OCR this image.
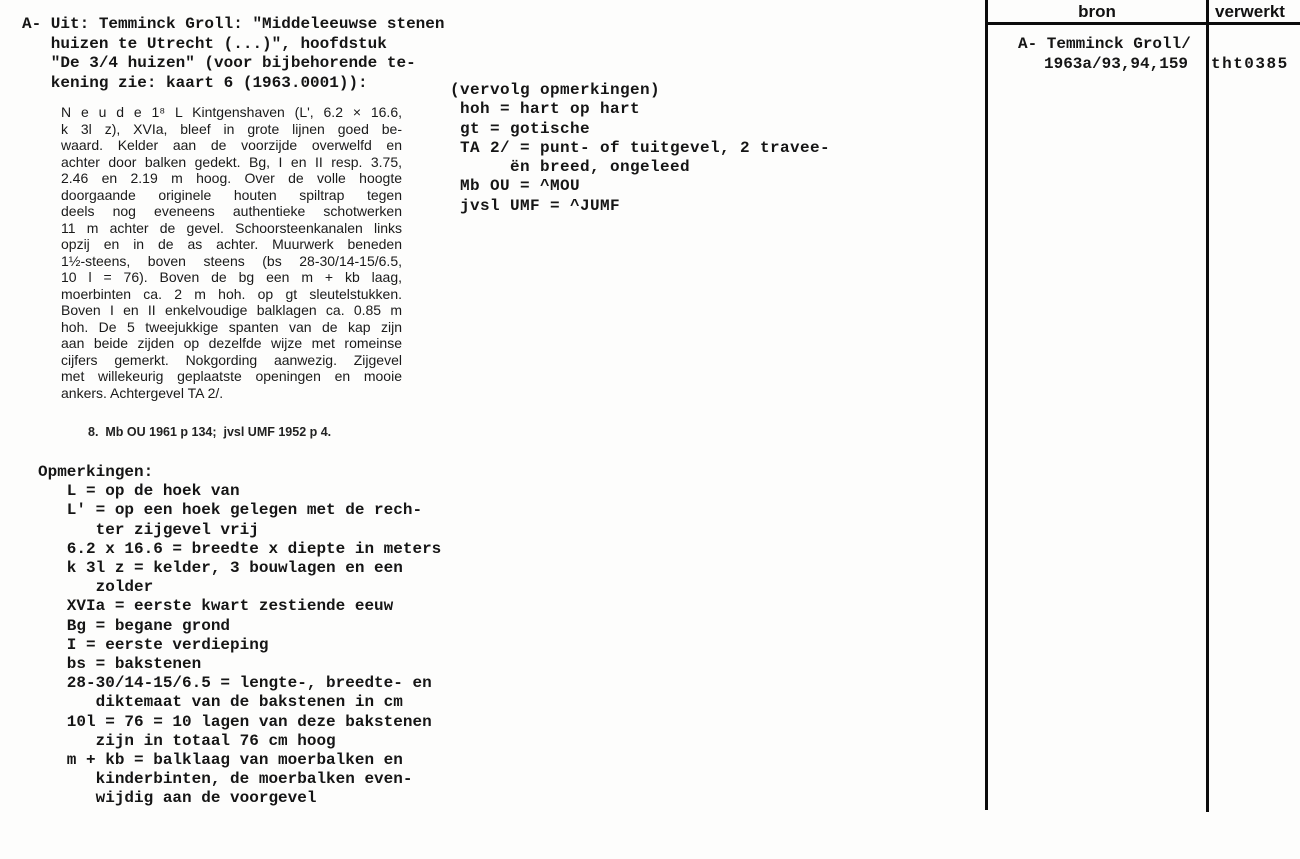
A- Uit: Temminck Groll: "Middeleeuwse stenen
huizen te Utrecht (...)", hoofdstuk
"De 3/4 huizen" (voor bijbehorende te-
kening zie: kaart 6 (1963.0001)):
N e u d e 1⁸ L Kintgenshaven (L', 6.2 × 16.6,
k 3l z), XVIa, bleef in grote lijnen goed be-
waard. Kelder aan de voorzijde overwelfd en
achter door balken gedekt. Bg, I en II resp. 3.75,
2.46 en 2.19 m hoog. Over de volle hoogte
doorgaande originele houten spiltrap tegen
deels nog eveneens authentieke schotwerken
11 m achter de gevel. Schoorsteenkanalen links
opzij en in de as achter. Muurwerk beneden
1½-steens, boven steens (bs 28-30/14-15/6.5,
10 l = 76). Boven de bg een m + kb laag,
moerbinten ca. 2 m hoh. op gt sleutelstukken.
Boven I en II enkelvoudige balklagen ca. 0.85 m
hoh. De 5 tweejukkige spanten van de kap zijn
aan beide zijden op dezelfde wijze met romeinse
cijfers gemerkt. Nokgording aanwezig. Zijgevel
met willekeurig geplaatste openingen en mooie
ankers. Achtergevel TA 2/.
8.  Mb OU 1961 p 134;  jvsl UMF 1952 p 4.
Opmerkingen:
L = op de hoek van
L' = op een hoek gelegen met de rech-
ter zijgevel vrij
6.2 x 16.6 = breedte x diepte in meters
k 3l z = kelder, 3 bouwlagen en een
zolder
XVIa = eerste kwart zestiende eeuw
Bg = begane grond
I = eerste verdieping
bs = bakstenen
28-30/14-15/6.5 = lengte-, breedte- en
diktemaat van de bakstenen in cm
10l = 76 = 10 lagen van deze bakstenen
zijn in totaal 76 cm hoog
m + kb = balklaag van moerbalken en
kinderbinten, de moerbalken even-
wijdig aan de voorgevel
(vervolg opmerkingen)
hoh = hart op hart
gt = gotische
TA 2/ = punt- of tuitgevel, 2 travee-
ën breed, ongeleed
Mb OU = ^MOU
jvsl UMF = ^JUMF
bron	verwerkt
A- Temminck Groll/
1963a/93,94,159 tht0385
